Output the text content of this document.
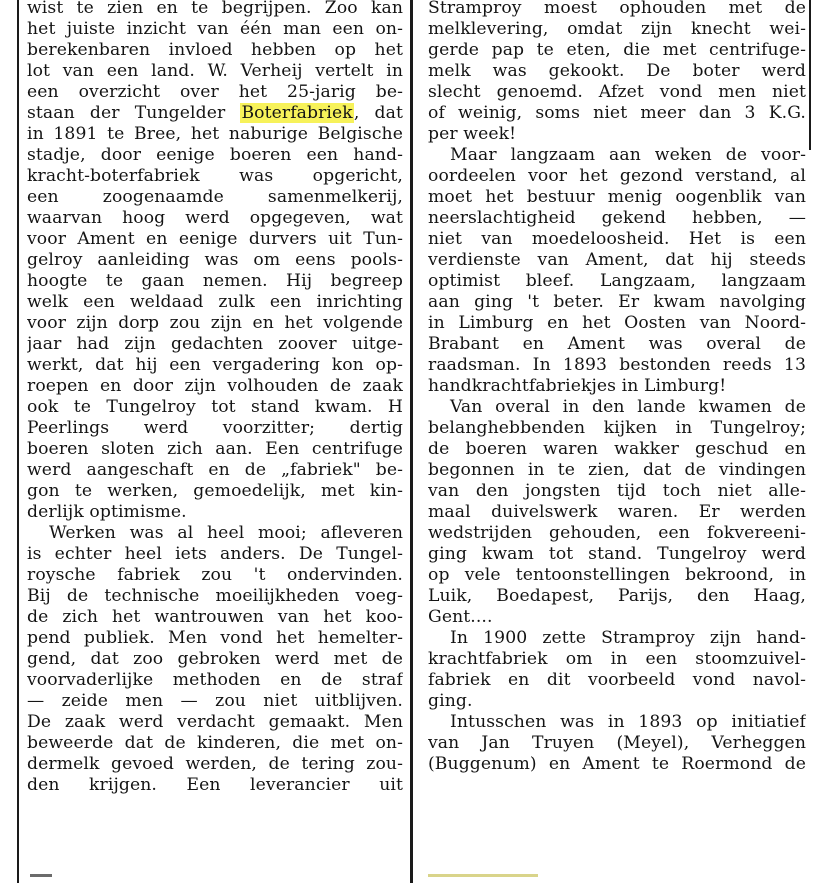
wist te zien en te begrijpen. Zoo kan
het juiste inzicht van één man een on-
berekenbaren invloed hebben op het
lot van een land. W. Verheij vertelt in
een overzicht over het 25-jarig be-
staan der Tungelder Boterfabriek, dat
in 1891 te Bree, het naburige Belgische
stadje, door eenige boeren een hand-
kracht-boterfabriek was opgericht,
een zoogenaamde samenmelkerij,
waarvan hoog werd opgegeven, wat
voor Ament en eenige durvers uit Tun-
gelroy aanleiding was om eens pools-
hoogte te gaan nemen. Hij begreep
welk een weldaad zulk een inrichting
voor zijn dorp zou zijn en het volgende
jaar had zijn gedachten zoover uitge-
werkt, dat hij een vergadering kon op-
roepen en door zijn volhouden de zaak
ook te Tungelroy tot stand kwam. H
Peerlings werd voorzitter; dertig
boeren sloten zich aan. Een centrifuge
werd aangeschaft en de „fabriek" be-
gon te werken, gemoedelijk, met kin-
derlijk optimisme.
Werken was al heel mooi; afleveren
is echter heel iets anders. De Tungel-
roysche fabriek zou 't ondervinden.
Bij de technische moeilijkheden voeg-
de zich het wantrouwen van het koo-
pend publiek. Men vond het hemelter-
gend, dat zoo gebroken werd met de
voorvaderlijke methoden en de straf
— zeide men — zou niet uitblijven.
De zaak werd verdacht gemaakt. Men
beweerde dat de kinderen, die met on-
dermelk gevoed werden, de tering zou-
den krijgen. Een leverancier uit
Stramproy moest ophouden met de
melklevering, omdat zijn knecht wei-
gerde pap te eten, die met centrifuge-
melk was gekookt. De boter werd
slecht genoemd. Afzet vond men niet
of weinig, soms niet meer dan 3 K.G.
per week!
Maar langzaam aan weken de voor-
oordeelen voor het gezond verstand, al
moet het bestuur menig oogenblik van
neerslachtigheid gekend hebben, —
niet van moedeloosheid. Het is een
verdienste van Ament, dat hij steeds
optimist bleef. Langzaam, langzaam
aan ging 't beter. Er kwam navolging
in Limburg en het Oosten van Noord-
Brabant en Ament was overal de
raadsman. In 1893 bestonden reeds 13
handkrachtfabriekjes in Limburg!
Van overal in den lande kwamen de
belanghebbenden kijken in Tungelroy;
de boeren waren wakker geschud en
begonnen in te zien, dat de vindingen
van den jongsten tijd toch niet alle-
maal duivelswerk waren. Er werden
wedstrijden gehouden, een fokvereeni-
ging kwam tot stand. Tungelroy werd
op vele tentoonstellingen bekroond, in
Luik, Boedapest, Parijs, den Haag,
Gent....
In 1900 zette Stramproy zijn hand-
krachtfabriek om in een stoomzuivel-
fabriek en dit voorbeeld vond navol-
ging.
Intusschen was in 1893 op initiatief
van Jan Truyen (Meyel), Verheggen
(Buggenum) en Ament te Roermond de
